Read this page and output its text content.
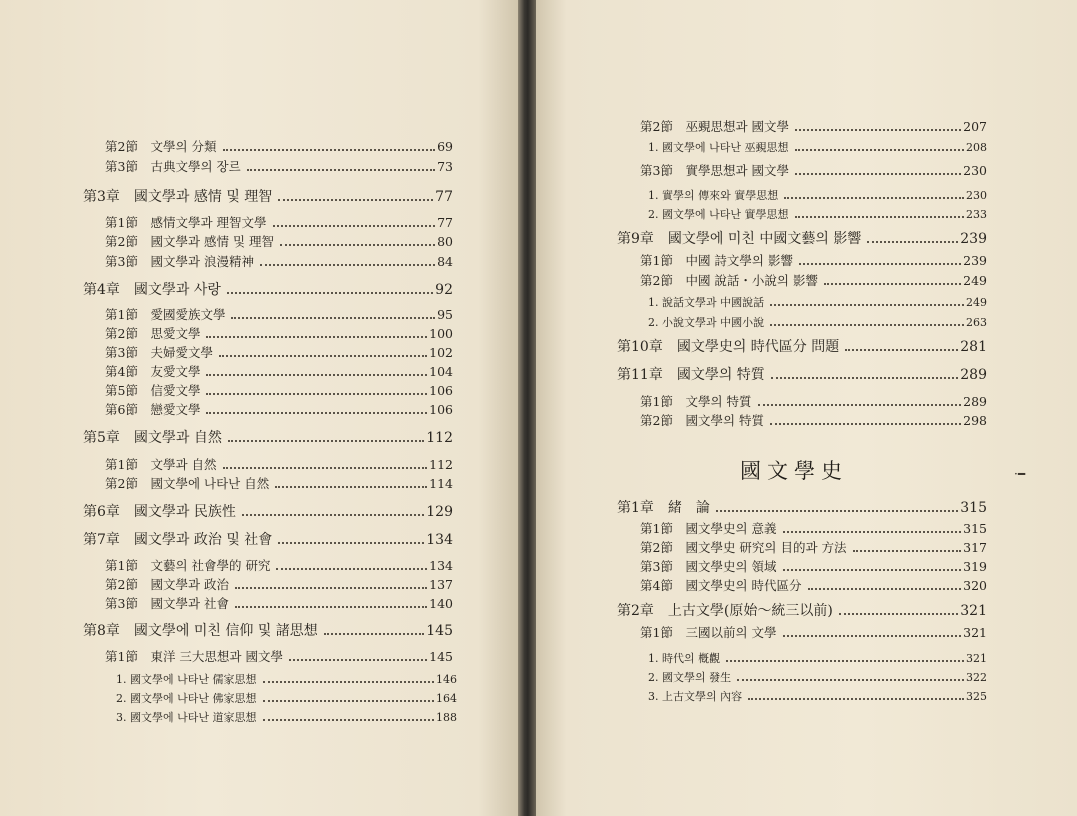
第2節　文學의 分類	69
第3節　古典文學의 장르	73
第3章　國文學과 感情 및 理智	77
第1節　感情文學과 理智文學	77
第2節　國文學과 感情 및 理智	80
第3節　國文學과 浪漫精神	84
第4章　國文學과 사랑	92
第1節　愛國愛族文學	95
第2節　思愛文學	100
第3節　夫婦愛文學	102
第4節　友愛文學	104
第5節　信愛文學	106
第6節　戀愛文學	106
第5章　國文學과 自然	112
第1節　文學과 自然	112
第2節　國文學에 나타난 自然	114
第6章　國文學과 民族性	129
第7章　國文學과 政治 및 社會	134
第1節　文藝의 社會學的 研究	134
第2節　國文學과 政治	137
第3節　國文學과 社會	140
第8章　國文學에 미친 信仰 및 諸思想	145
第1節　東洋 三大思想과 國文學	145
1. 國文學에 나타난 儒家思想	146
2. 國文學에 나타난 佛家思想	164
3. 國文學에 나타난 道家思想	188
第2節　巫覡思想과 國文學	207
1. 國文學에 나타난 巫覡思想	208
第3節　實學思想과 國文學	230
1. 實學의 傳來와 實學思想	230
2. 國文學에 나타난 實學思想	233
第9章　國文學에 미친 中國文藝의 影響	239
第1節　中國 詩文學의 影響	239
第2節　中國 說話・小說의 影響	249
1. 說話文學과 中國說話	249
2. 小說文學과 中國小說	263
第10章　國文學史의 時代區分 問題	281
第11章　國文學의 特質	289
第1節　文學의 特質	289
第2節　國文學의 特質	298
國文學史	·━
第1章　緒　論	315
第1節　國文學史의 意義	315
第2節　國文學史 研究의 目的과 方法	317
第3節　國文學史의 領域	319
第4節　國文學史의 時代區分	320
第2章　上古文學(原始～統三以前)	321
第1節　三國以前의 文學	321
1. 時代의 槪觀	321
2. 國文學의 發生	322
3. 上古文學의 內容	325
